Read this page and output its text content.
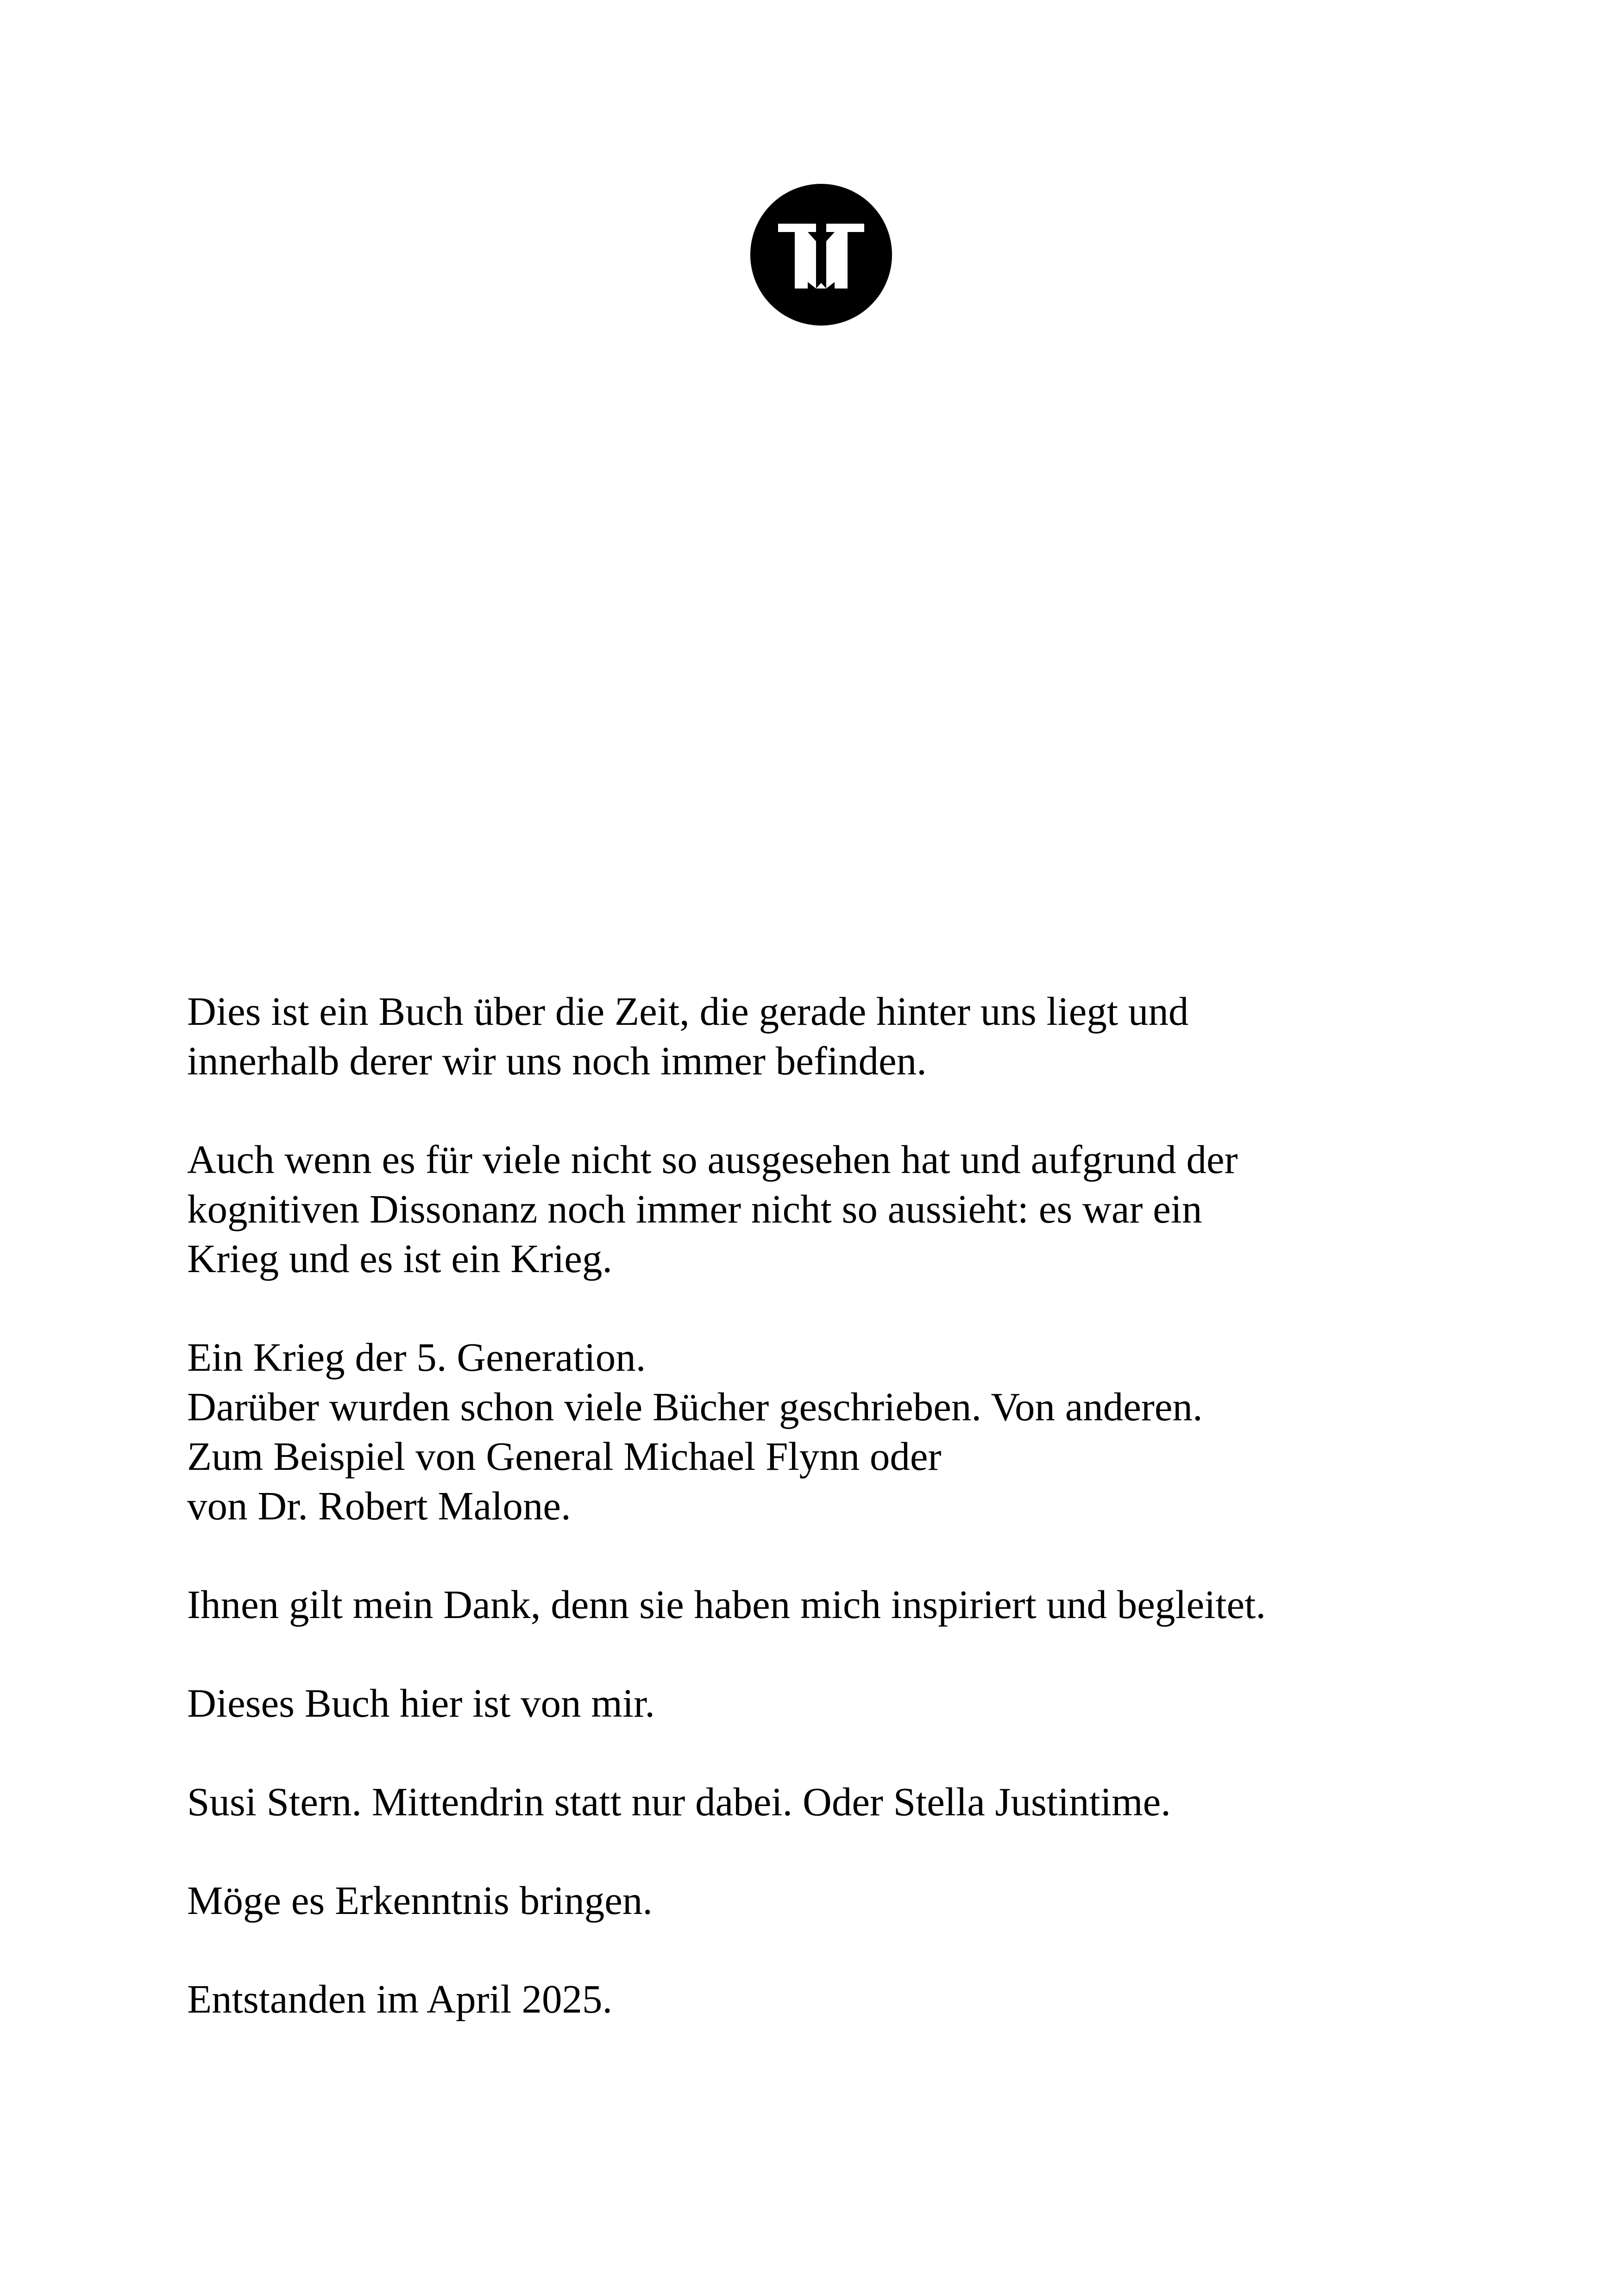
Dies ist ein Buch über die Zeit, die gerade hinter uns liegt und
innerhalb derer wir uns noch immer befinden.

Auch wenn es für viele nicht so ausgesehen hat und aufgrund der
kognitiven Dissonanz noch immer nicht so aussieht: es war ein
Krieg und es ist ein Krieg.

Ein Krieg der 5. Generation.
Darüber wurden schon viele Bücher geschrieben. Von anderen.
Zum Beispiel von General Michael Flynn oder
von Dr. Robert Malone.

Ihnen gilt mein Dank, denn sie haben mich inspiriert und begleitet.

Dieses Buch hier ist von mir.

Susi Stern. Mittendrin statt nur dabei. Oder Stella Justintime.

Möge es Erkenntnis bringen.

Entstanden im April 2025.
